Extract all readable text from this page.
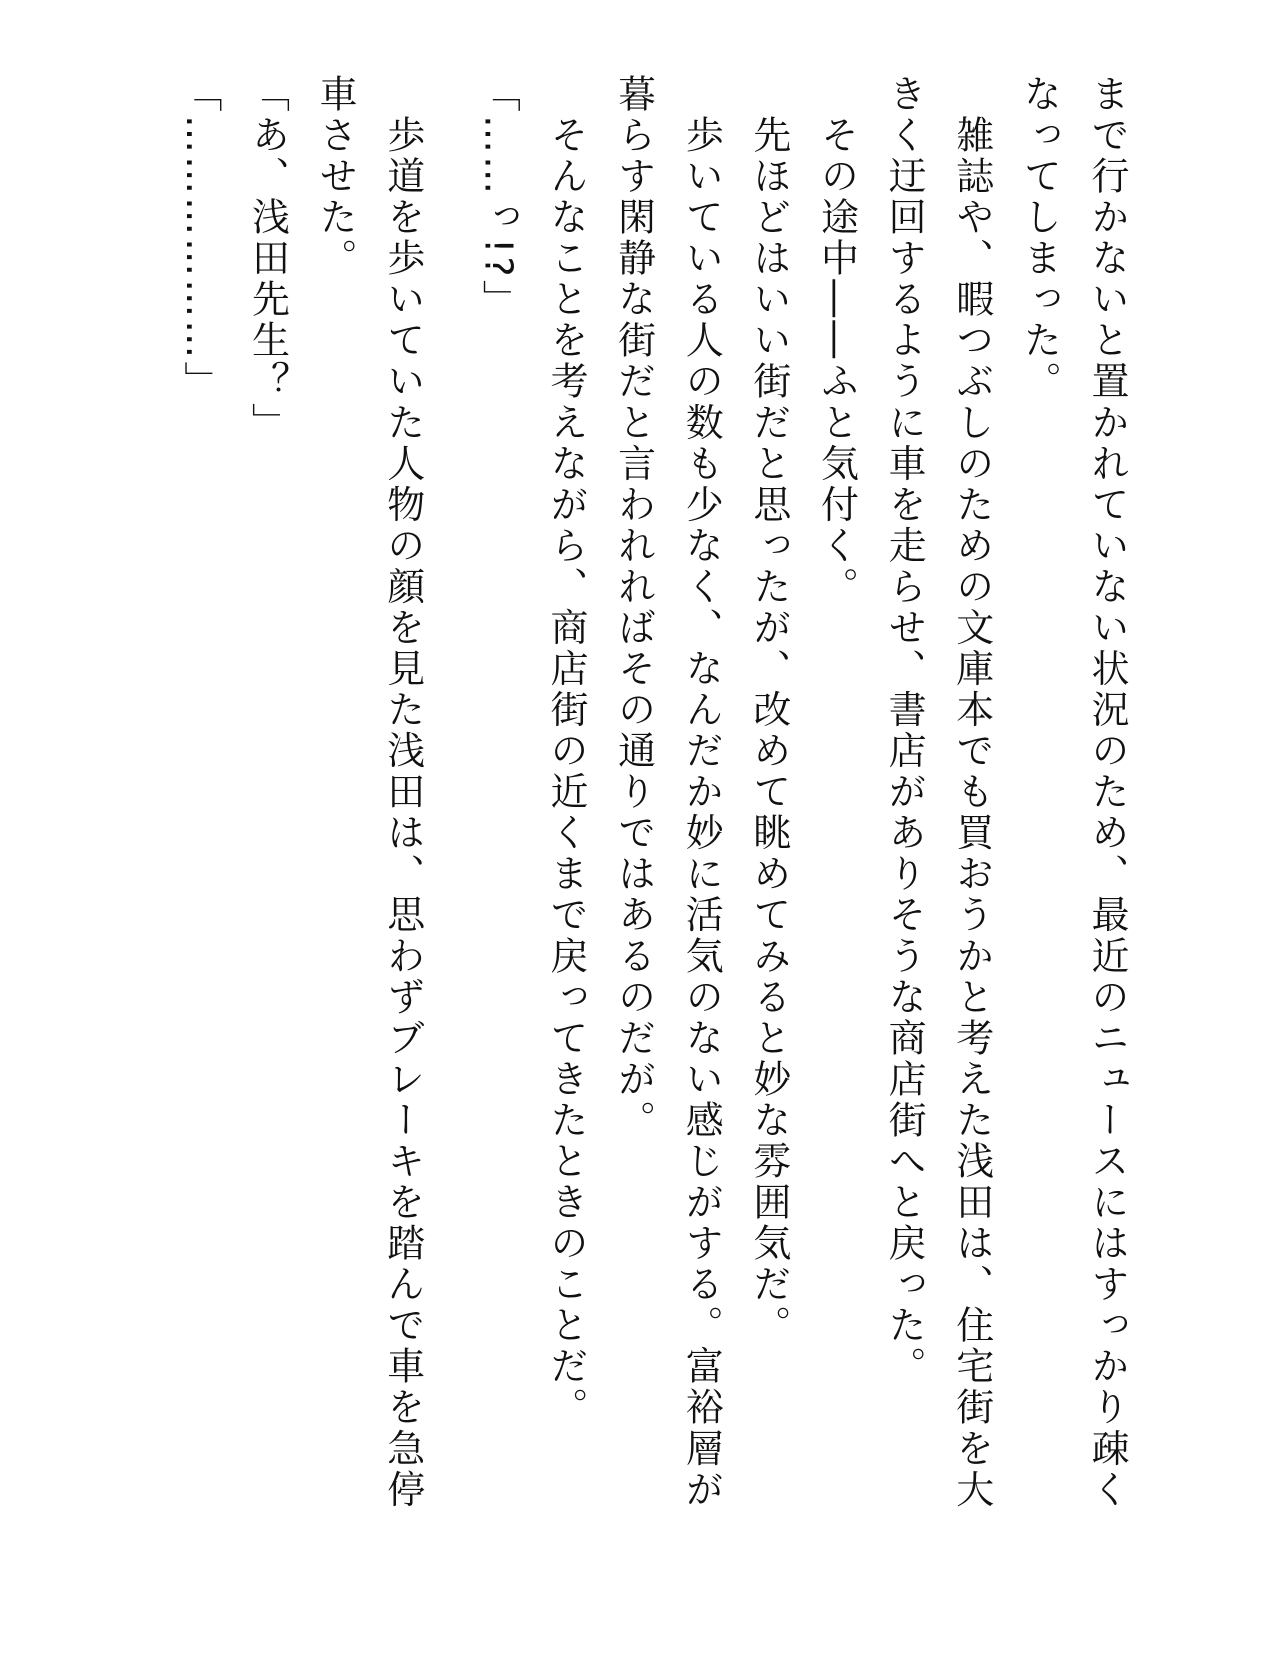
まで行かないと置かれていない状況のため、最近のニュースにはすっかり疎く
なってしまった。
　雑誌や、暇つぶしのための文庫本でも買おうかと考えた浅田は、住宅街を大
きく迂回するように車を走らせ、書店がありそうな商店街へと戻った。
　その途中――ふと気付く。
　先ほどはいい街だと思ったが、改めて眺めてみると妙な雰囲気だ。
　歩いている人の数も少なく、なんだか妙に活気のない感じがする。富裕層が
暮らす閑静な街だと言われればその通りではあるのだが。
　そんなことを考えながら、商店街の近くまで戻ってきたときのことだ。
「……っ!?」
　歩道を歩いていた人物の顔を見た浅田は、思わずブレーキを踏んで車を急停
車させた。
「あ、浅田先生？」
「………………」
